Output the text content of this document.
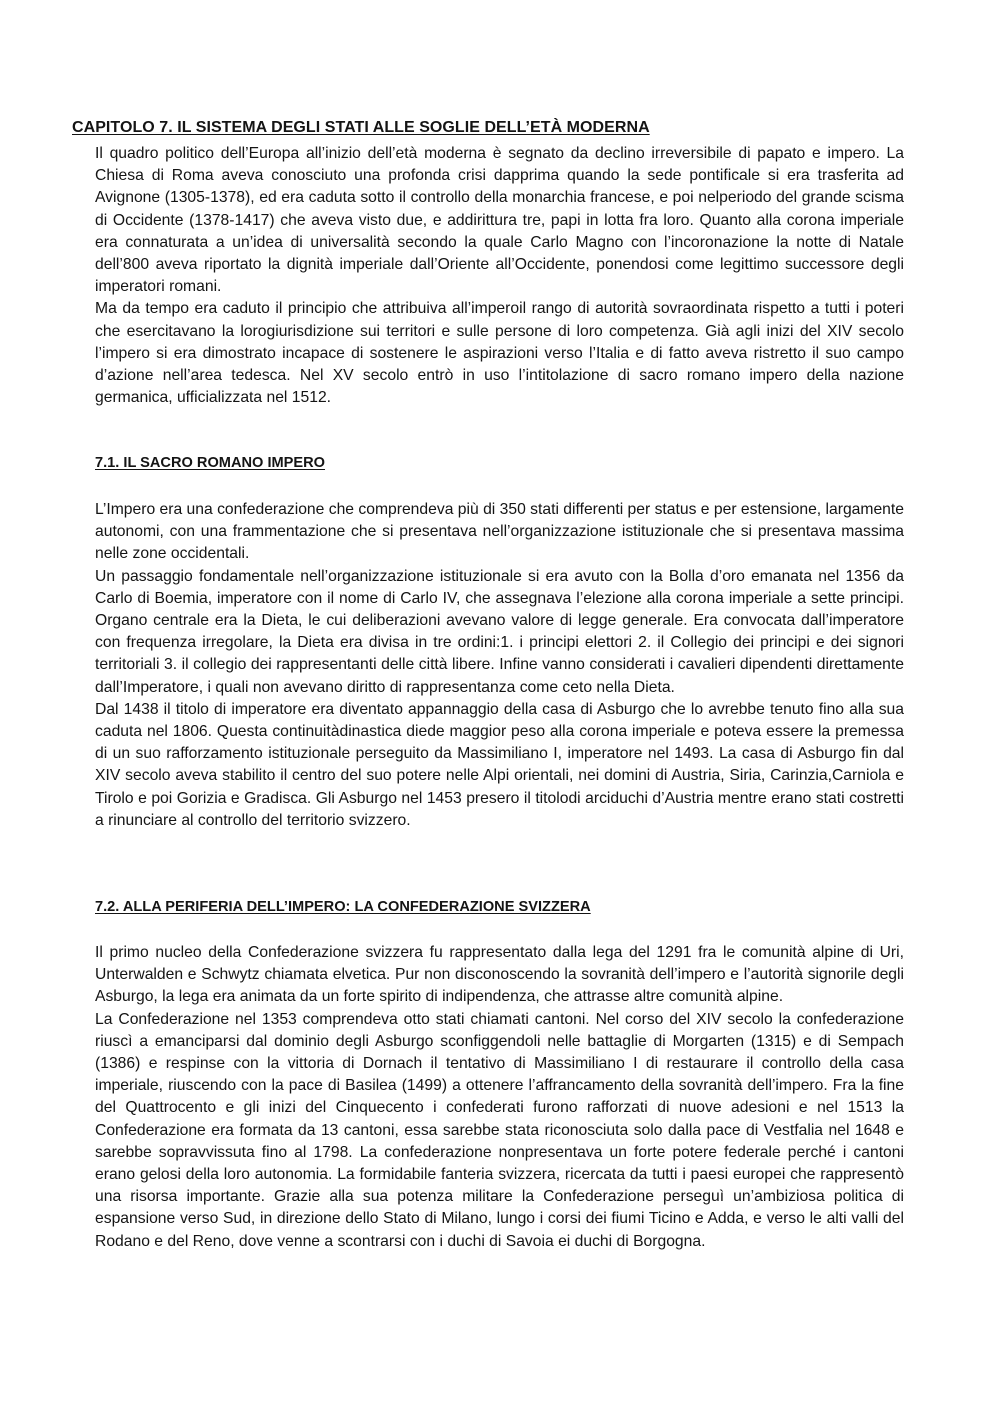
CAPITOLO 7. IL SISTEMA DEGLI STATI ALLE SOGLIE DELL’ETÀ MODERNA

Il quadro politico dell’Europa all’inizio dell’età moderna è segnato da declino irreversibile di papato e impero. La Chiesa di Roma aveva conosciuto una profonda crisi dapprima quando la sede pontificale si era trasferita ad Avignone (1305-1378), ed era caduta sotto il controllo della monarchia francese, e poi nelperiodo del grande scisma di Occidente (1378-1417) che aveva visto due, e addirittura tre, papi in lotta fra loro. Quanto alla corona imperiale era connaturata a un’idea di universalità secondo la quale Carlo Magno con l’incoronazione la notte di Natale dell’800 aveva riportato la dignità imperiale dall’Oriente all’Occidente, ponendosi come legittimo successore degli imperatori romani.

Ma da tempo era caduto il principio che attribuiva all’imperoil rango di autorità sovraordinata rispetto a tutti i poteri che esercitavano la lorogiurisdizione sui territori e sulle persone di loro competenza. Già agli inizi del XIV secolo l’impero si era dimostrato incapace di sostenere le aspirazioni verso l’Italia e di fatto aveva ristretto il suo campo d’azione nell’area tedesca. Nel XV secolo entrò in uso l’intitolazione di sacro romano impero della nazione germanica, ufficializzata nel 1512.

7.1. IL SACRO ROMANO IMPERO

L’Impero era una confederazione che comprendeva più di 350 stati differenti per status e per estensione, largamente autonomi, con una frammentazione che si presentava nell’organizzazione istituzionale che si presentava massima nelle zone occidentali.

Un passaggio fondamentale nell’organizzazione istituzionale si era avuto con la Bolla d’oro emanata nel 1356 da Carlo di Boemia, imperatore con il nome di Carlo IV, che assegnava l’elezione alla corona imperiale a sette principi. Organo centrale era la Dieta, le cui deliberazioni avevano valore di legge generale. Era convocata dall’imperatore con frequenza irregolare, la Dieta era divisa in tre ordini:1. i principi elettori 2. il Collegio dei principi e dei signori territoriali 3. il collegio dei rappresentanti delle città libere. Infine vanno considerati i cavalieri dipendenti direttamente dall’Imperatore, i quali non avevano diritto di rappresentanza come ceto nella Dieta.

Dal 1438 il titolo di imperatore era diventato appannaggio della casa di Asburgo che lo avrebbe tenuto fino alla sua caduta nel 1806. Questa continuitàdinastica diede maggior peso alla corona imperiale e poteva essere la premessa di un suo rafforzamento istituzionale perseguito da Massimiliano I, imperatore nel 1493. La casa di Asburgo fin dal XIV secolo aveva stabilito il centro del suo potere nelle Alpi orientali, nei domini di Austria, Siria, Carinzia,Carniola e Tirolo e poi Gorizia e Gradisca. Gli Asburgo nel 1453 presero il titolodi arciduchi d’Austria mentre erano stati costretti a rinunciare al controllo del territorio svizzero.

7.2. ALLA PERIFERIA DELL’IMPERO: LA CONFEDERAZIONE SVIZZERA

Il primo nucleo della Confederazione svizzera fu rappresentato dalla lega del 1291 fra le comunità alpine di Uri, Unterwalden e Schwytz chiamata elvetica. Pur non disconoscendo la sovranità dell’impero e l’autorità signorile degli Asburgo, la lega era animata da un forte spirito di indipendenza, che attrasse altre comunità alpine.

La Confederazione nel 1353 comprendeva otto stati chiamati cantoni. Nel corso del XIV secolo la confederazione riuscì a emanciparsi dal dominio degli Asburgo sconfiggendoli nelle battaglie di Morgarten (1315) e di Sempach (1386) e respinse con la vittoria di Dornach il tentativo di Massimiliano I di restaurare il controllo della casa imperiale, riuscendo con la pace di Basilea (1499) a ottenere l’affrancamento della sovranità dell’impero. Fra la fine del Quattrocento e gli inizi del Cinquecento i confederati furono rafforzati di nuove adesioni e nel 1513 la Confederazione era formata da 13 cantoni, essa sarebbe stata riconosciuta solo dalla pace di Vestfalia nel 1648 e sarebbe sopravvissuta fino al 1798. La confederazione nonpresentava un forte potere federale perché i cantoni erano gelosi della loro autonomia. La formidabile fanteria svizzera, ricercata da tutti i paesi europei che rappresentò una risorsa importante. Grazie alla sua potenza militare la Confederazione perseguì un’ambiziosa politica di espansione verso Sud, in direzione dello Stato di Milano, lungo i corsi dei fiumi Ticino e Adda, e verso le alti valli del Rodano e del Reno, dove venne a scontrarsi con i duchi di Savoia ei duchi di Borgogna.
